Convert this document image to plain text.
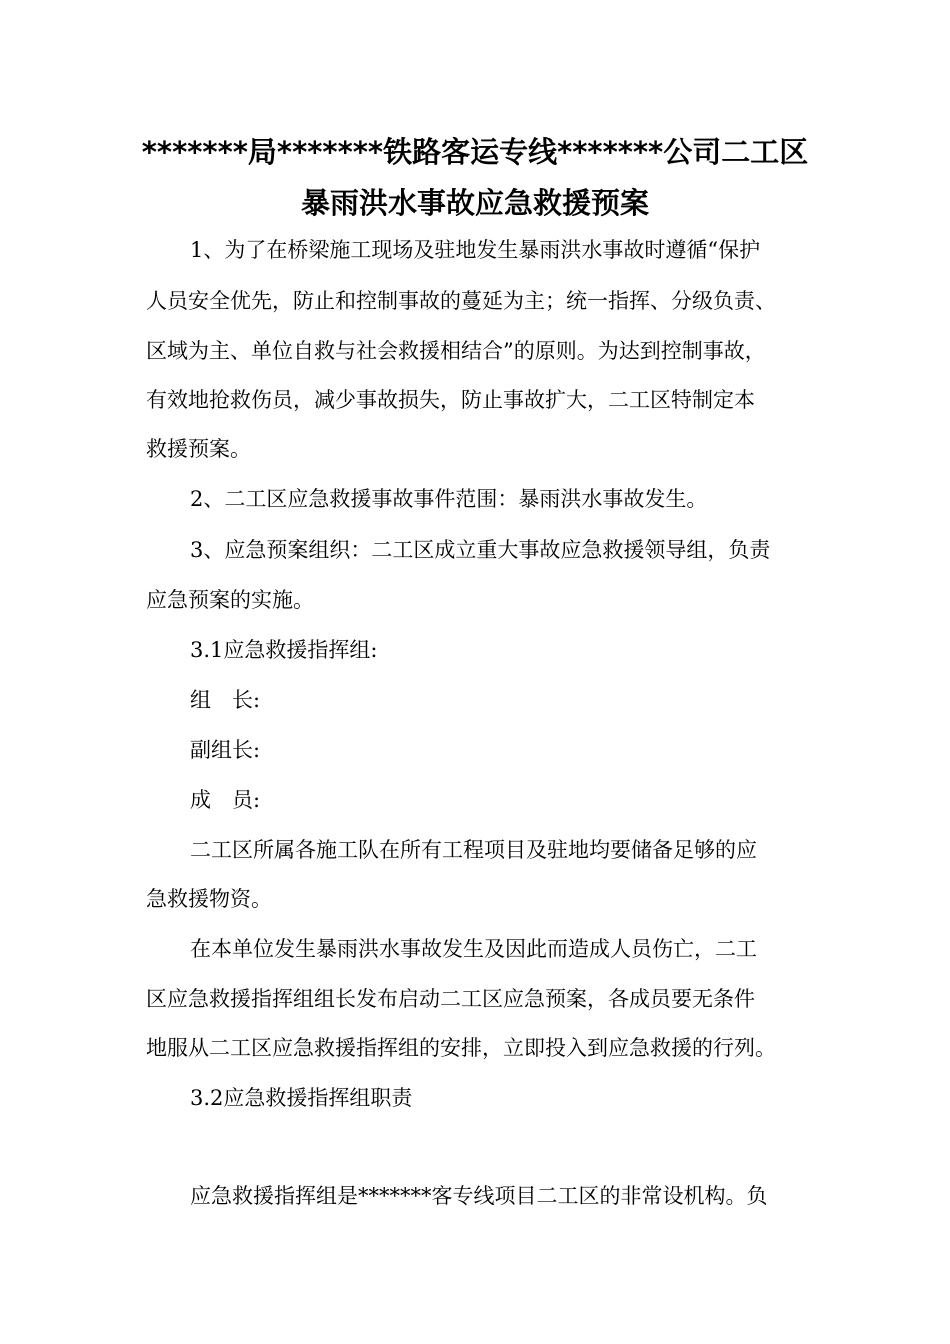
*******局*******铁路客运专线*******公司二工区
暴雨洪水事故应急救援预案
1、为了在桥梁施工现场及驻地发生暴雨洪水事故时遵循“保护
人员安全优先，防止和控制事故的蔓延为主；统一指挥、分级负责、
区域为主、单位自救与社会救援相结合”的原则。为达到控制事故，
有效地抢救伤员，减少事故损失，防止事故扩大，二工区特制定本
救援预案。
2、二工区应急救援事故事件范围：暴雨洪水事故发生。
3、应急预案组织：二工区成立重大事故应急救援领导组，负责
应急预案的实施。
3.1应急救援指挥组:
组　长:
副组长:
成　员:
二工区所属各施工队在所有工程项目及驻地均要储备足够的应
急救援物资。
在本单位发生暴雨洪水事故发生及因此而造成人员伤亡，二工
区应急救援指挥组组长发布启动二工区应急预案，各成员要无条件
地服从二工区应急救援指挥组的安排，立即投入到应急救援的行列。
3.2应急救援指挥组职责
应急救援指挥组是*******客专线项目二工区的非常设机构。负
